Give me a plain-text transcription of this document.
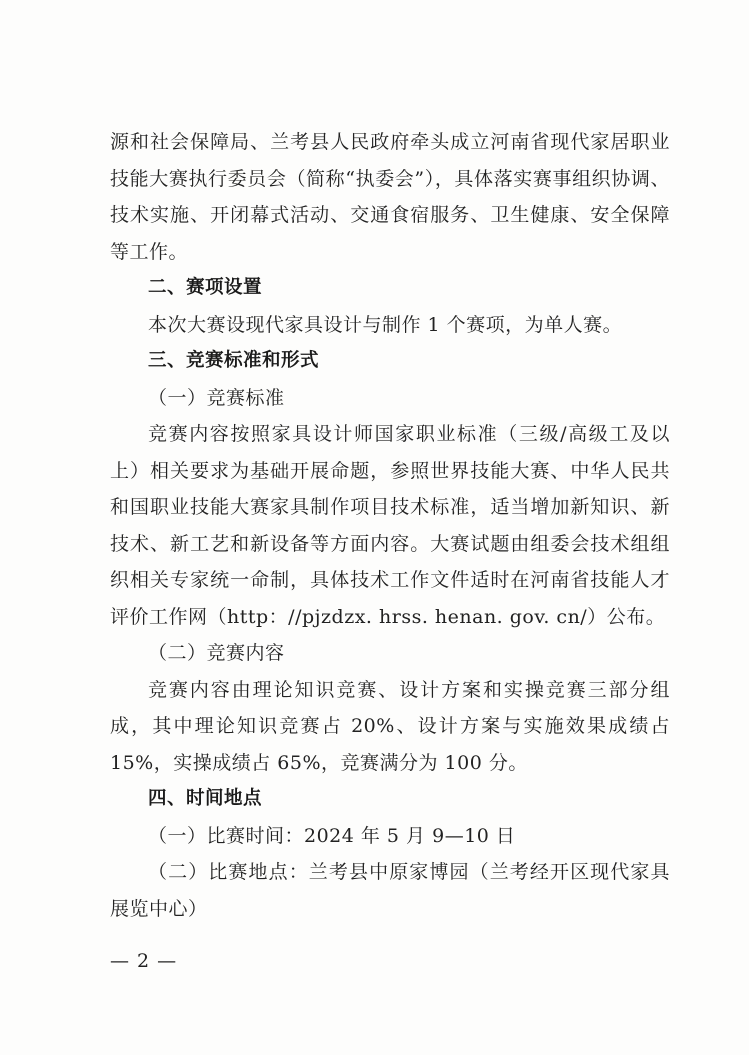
源和社会保障局、兰考县人民政府牵头成立河南省现代家居职业技能大赛执行委员会（简称“执委会”），具体落实赛事组织协调、技术实施、开闭幕式活动、交通食宿服务、卫生健康、安全保障等工作。

二、赛项设置

本次大赛设现代家具设计与制作 1 个赛项，为单人赛。

三、竞赛标准和形式

（一）竞赛标准

竞赛内容按照家具设计师国家职业标准（三级/高级工及以上）相关要求为基础开展命题，参照世界技能大赛、中华人民共和国职业技能大赛家具制作项目技术标准，适当增加新知识、新技术、新工艺和新设备等方面内容。大赛试题由组委会技术组组织相关专家统一命制，具体技术工作文件适时在河南省技能人才评价工作网（http：//pjzdzx. hrss. henan. gov. cn/）公布。

（二）竞赛内容

竞赛内容由理论知识竞赛、设计方案和实操竞赛三部分组成，其中理论知识竞赛占 20%、设计方案与实施效果成绩占 15%，实操成绩占 65%，竞赛满分为 100 分。

四、时间地点

（一）比赛时间：2024 年 5 月 9—10 日

（二）比赛地点：兰考县中原家博园（兰考经开区现代家具展览中心）

— 2 —
